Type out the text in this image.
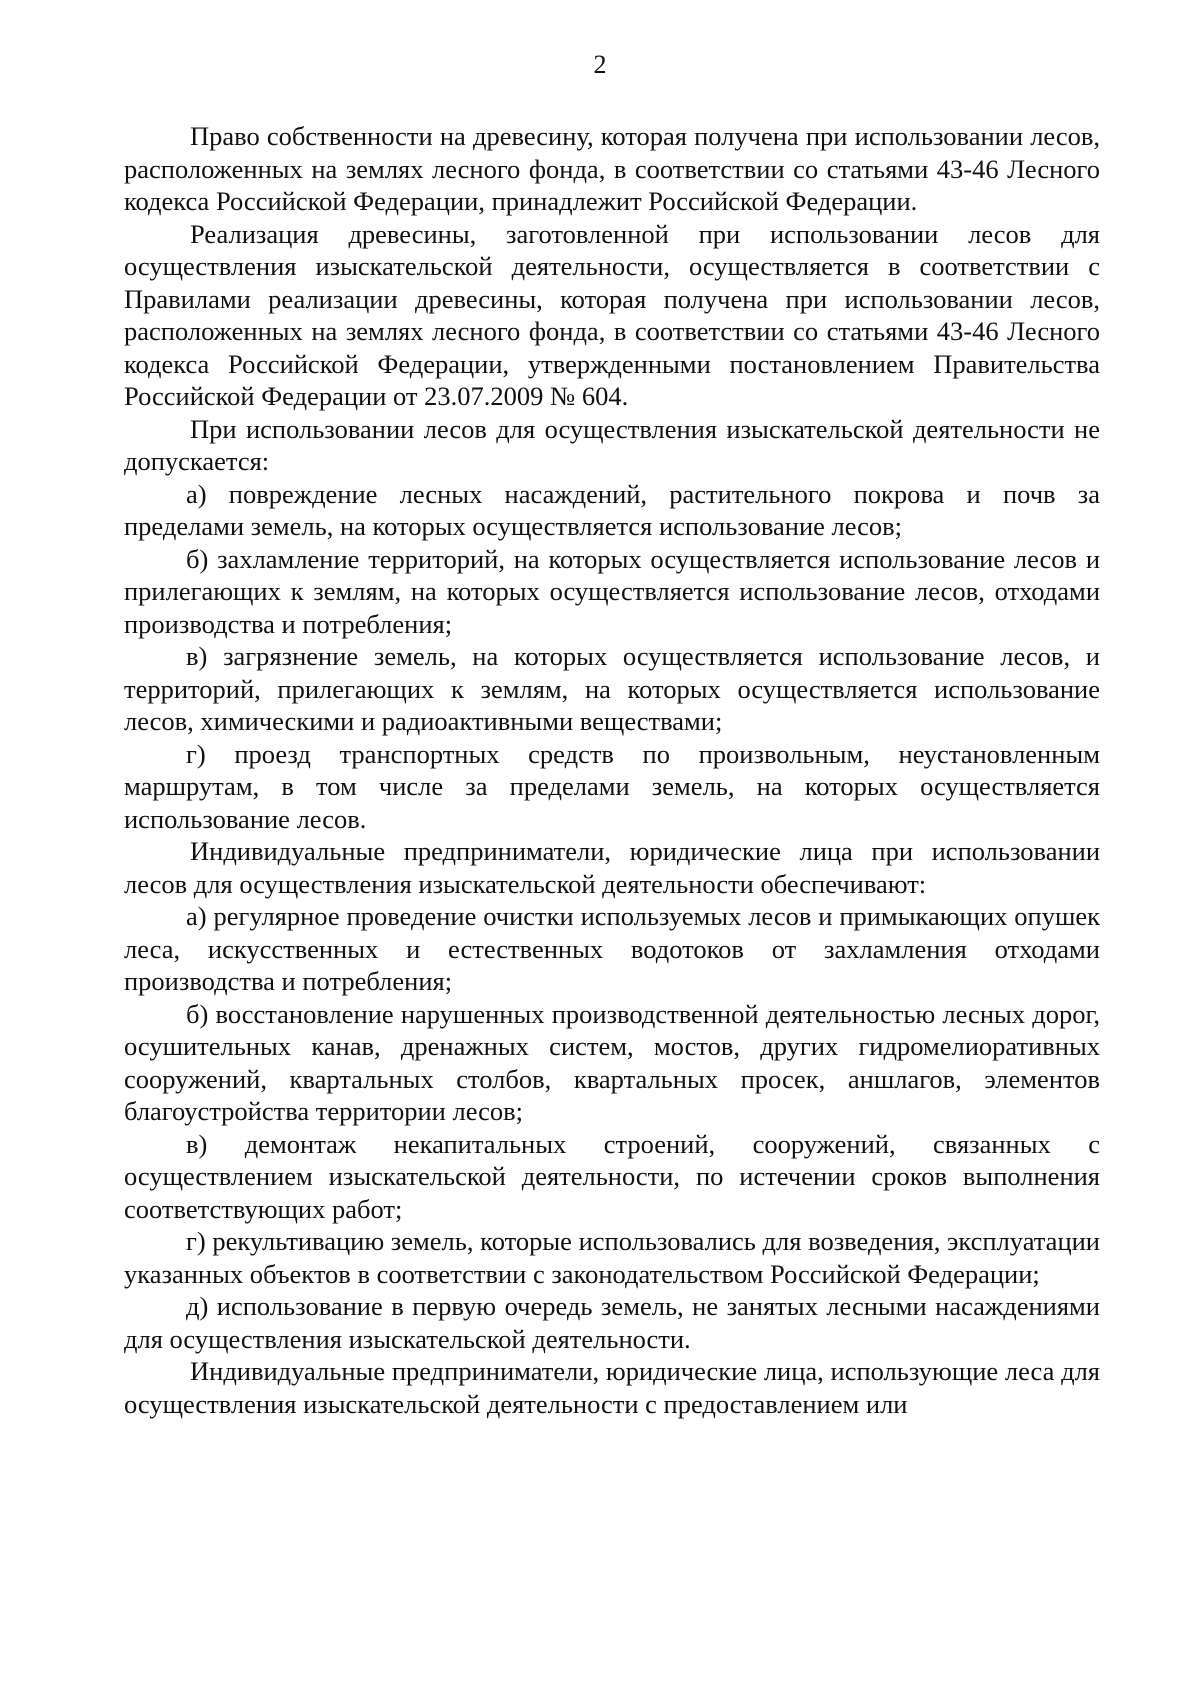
2

Право собственности на древесину, которая получена при использовании лесов, расположенных на землях лесного фонда, в соответствии со статьями 43-46 Лесного кодекса Российской Федерации, принадлежит Российской Федерации.

Реализация древесины, заготовленной при использовании лесов для осуществления изыскательской деятельности, осуществляется в соответствии с Правилами реализации древесины, которая получена при использовании лесов, расположенных на землях лесного фонда, в соответствии со статьями 43-46 Лесного кодекса Российской Федерации, утвержденными постановлением Правительства Российской Федерации от 23.07.2009 № 604.

При использовании лесов для осуществления изыскательской деятельности не допускается:

а) повреждение лесных насаждений, растительного покрова и почв за пределами земель, на которых осуществляется использование лесов;

б) захламление территорий, на которых осуществляется использование лесов и прилегающих к землям, на которых осуществляется использование лесов, отходами производства и потребления;

в) загрязнение земель, на которых осуществляется использование лесов, и территорий, прилегающих к землям, на которых осуществляется использование лесов, химическими и радиоактивными веществами;

г) проезд транспортных средств по произвольным, неустановленным маршрутам, в том числе за пределами земель, на которых осуществляется использование лесов.

Индивидуальные предприниматели, юридические лица при использовании лесов для осуществления изыскательской деятельности обеспечивают:

а) регулярное проведение очистки используемых лесов и примыкающих опушек леса, искусственных и естественных водотоков от захламления отходами производства и потребления;

б) восстановление нарушенных производственной деятельностью лесных дорог, осушительных канав, дренажных систем, мостов, других гидромелиоративных сооружений, квартальных столбов, квартальных просек, аншлагов, элементов благоустройства территории лесов;

в) демонтаж некапитальных строений, сооружений, связанных с осуществлением изыскательской деятельности, по истечении сроков выполнения соответствующих работ;

г) рекультивацию земель, которые использовались для возведения, эксплуатации указанных объектов в соответствии с законодательством Российской Федерации;

д) использование в первую очередь земель, не занятых лесными насаждениями для осуществления изыскательской деятельности.

Индивидуальные предприниматели, юридические лица, использующие леса для осуществления изыскательской деятельности с предоставлением или
